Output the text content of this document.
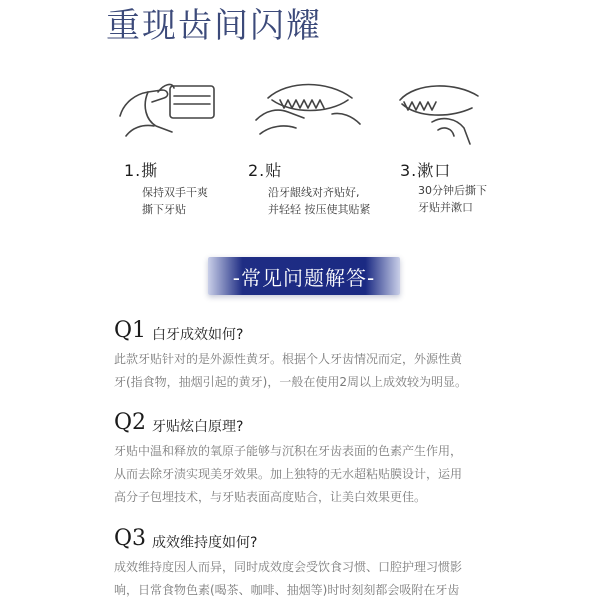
重现齿间闪耀
1.撕
保持双手干爽
撕下牙贴
2.贴
沿牙龈线对齐贴好,
并轻轻 按压使其贴紧
3.漱口
30分钟后撕下
牙贴并漱口
-常见问题解答-
Q1 白牙成效如何?
此款牙贴针对的是外源性黄牙。根据个人牙齿情况而定，外源性黄
牙(指食物，抽烟引起的黄牙)，一般在使用2周以上成效较为明显。
Q2 牙贴炫白原理?
牙贴中温和释放的氧原子能够与沉积在牙齿表面的色素产生作用，
从而去除牙渍实现美牙效果。加上独特的无水超粘贴膜设计，运用
高分子包埋技术，与牙贴表面高度贴合，让美白效果更佳。
Q3 成效维持度如何?
成效维持度因人而异，同时成效度会受饮食习惯、口腔护理习惯影
响，日常食物色素(喝茶、咖啡、抽烟等)时时刻刻都会吸附在牙齿
